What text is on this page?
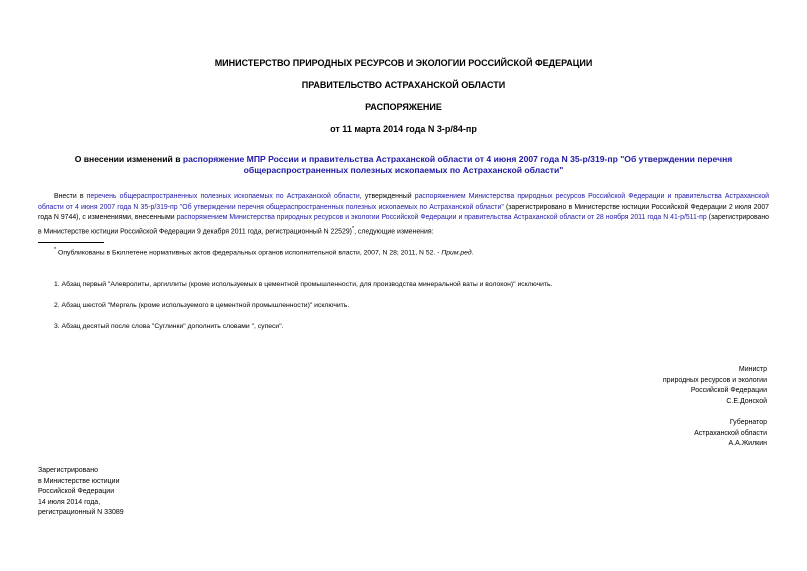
МИНИСТЕРСТВО ПРИРОДНЫХ РЕСУРСОВ И ЭКОЛОГИИ РОССИЙСКОЙ ФЕДЕРАЦИИ
ПРАВИТЕЛЬСТВО АСТРАХАНСКОЙ ОБЛАСТИ
РАСПОРЯЖЕНИЕ
от 11 марта 2014 года N 3-р/84-пр
О внесении изменений в распоряжение МПР России и правительства Астраханской области от 4 июня 2007 года N 35-р/319-пр "Об утверждении перечня общераспространенных полезных ископаемых по Астраханской области"
Внести в перечень общераспространенных полезных ископаемых по Астраханской области, утвержденный распоряжением Министерства природных ресурсов Российской Федерации и правительства Астраханской области от 4 июня 2007 года N 35-р/319-пр "Об утверждении перечня общераспространенных полезных ископаемых по Астраханской области" (зарегистрировано в Министерстве юстиции Российской Федерации 2 июля 2007 года N 9744), с изменениями, внесенными распоряжением Министерства природных ресурсов и экологии Российской Федерации и правительства Астраханской области от 28 ноября 2011 года N 41-р/511-пр (зарегистрировано в Министерстве юстиции Российской Федерации 9 декабря 2011 года, регистрационный N 22529)*, следующие изменения:
* Опубликованы в Бюллетене нормативных актов федеральных органов исполнительной власти, 2007, N 28; 2011, N 52. - Прим.ред.
1. Абзац первый "Алевролиты, аргиллиты (кроме используемых в цементной промышленности, для производства минеральной ваты и волокон)" исключить.
2. Абзац шестой "Мергель (кроме используемого в цементной промышленности)" исключить.
3. Абзац десятый после слова "Суглинки" дополнить словами ", супеси".
Министр
природных ресурсов и экологии
Российской Федерации
С.Е.Донской
Губернатор
Астраханской области
А.А.Жилкин
Зарегистрировано
в Министерстве юстиции
Российской Федерации
14 июля 2014 года,
регистрационный N 33089
